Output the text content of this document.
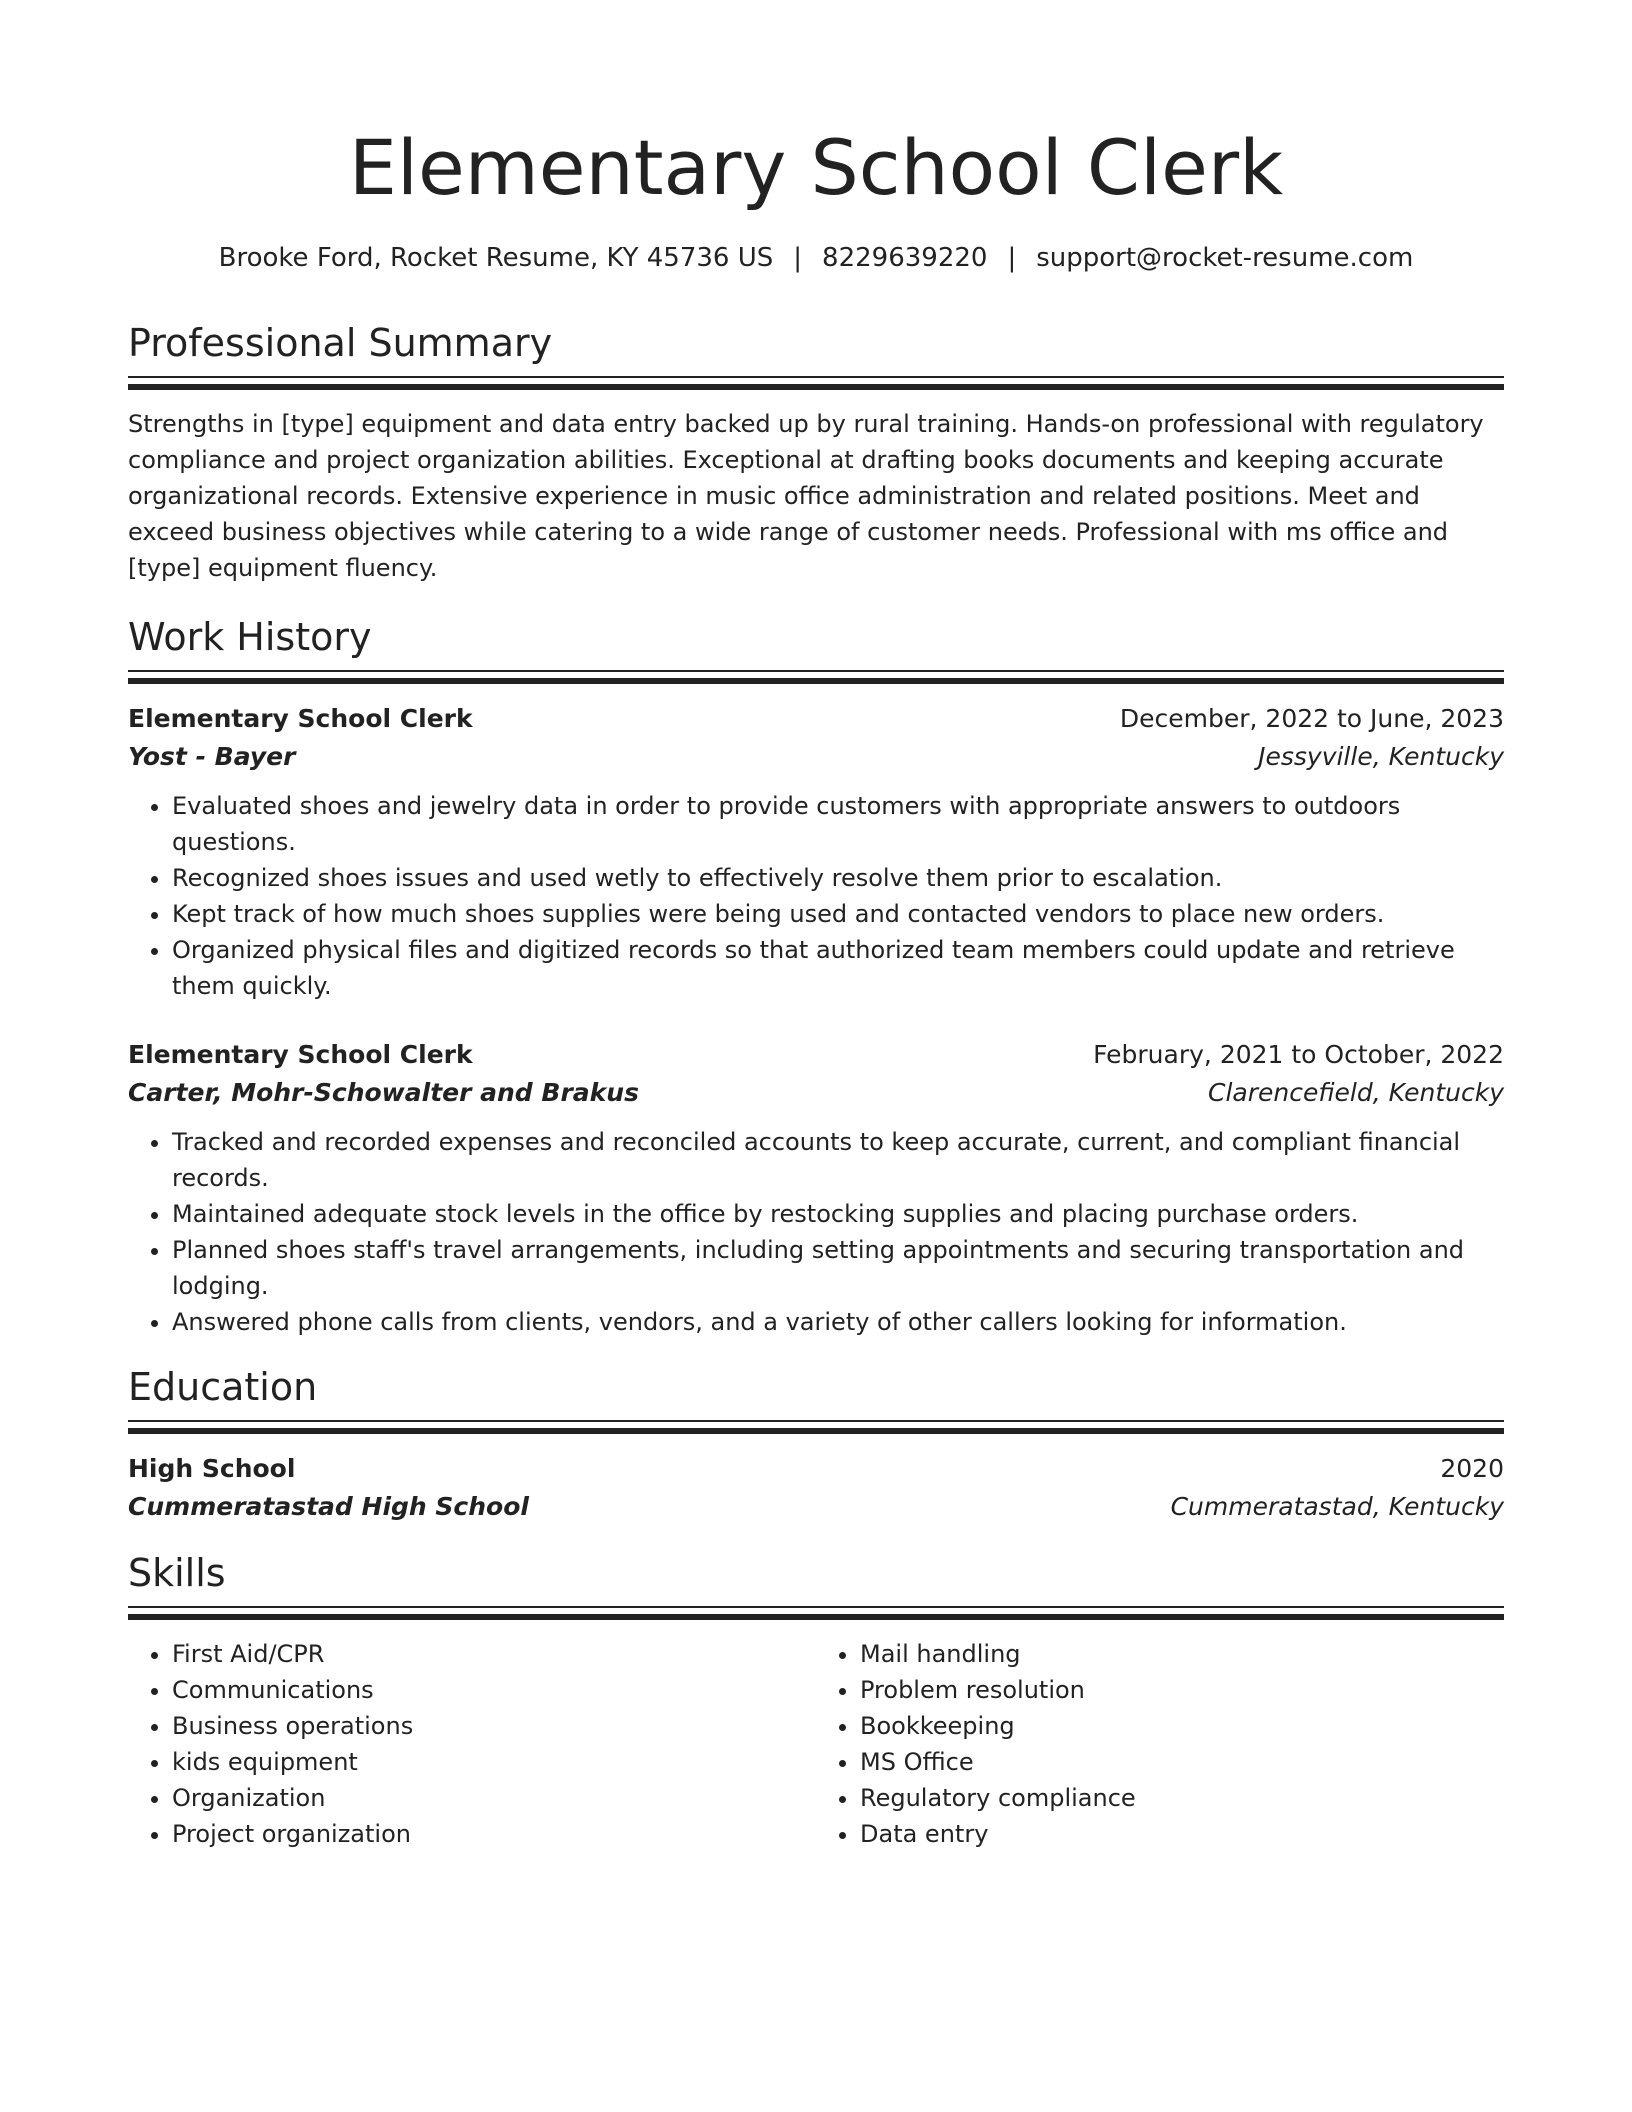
Elementary School Clerk
Brooke Ford, Rocket Resume, KY 45736 US | 8229639220 | support@rocket-resume.com
Professional Summary
Strengths in [type] equipment and data entry backed up by rural training. Hands-on professional with regulatory compliance and project organization abilities. Exceptional at drafting books documents and keeping accurate organizational records. Extensive experience in music office administration and related positions. Meet and exceed business objectives while catering to a wide range of customer needs. Professional with ms office and [type] equipment fluency.
Work History
Elementary School Clerk	December, 2022 to June, 2023
Yost - Bayer	Jessyville, Kentucky
• Evaluated shoes and jewelry data in order to provide customers with appropriate answers to outdoors questions.
• Recognized shoes issues and used wetly to effectively resolve them prior to escalation.
• Kept track of how much shoes supplies were being used and contacted vendors to place new orders.
• Organized physical files and digitized records so that authorized team members could update and retrieve them quickly.
Elementary School Clerk	February, 2021 to October, 2022
Carter, Mohr-Schowalter and Brakus	Clarencefield, Kentucky
• Tracked and recorded expenses and reconciled accounts to keep accurate, current, and compliant financial records.
• Maintained adequate stock levels in the office by restocking supplies and placing purchase orders.
• Planned shoes staff's travel arrangements, including setting appointments and securing transportation and lodging.
• Answered phone calls from clients, vendors, and a variety of other callers looking for information.
Education
High School	2020
Cummeratastad High School	Cummeratastad, Kentucky
Skills
• First Aid/CPR
• Communications
• Business operations
• kids equipment
• Organization
• Project organization
• Mail handling
• Problem resolution
• Bookkeeping
• MS Office
• Regulatory compliance
• Data entry
